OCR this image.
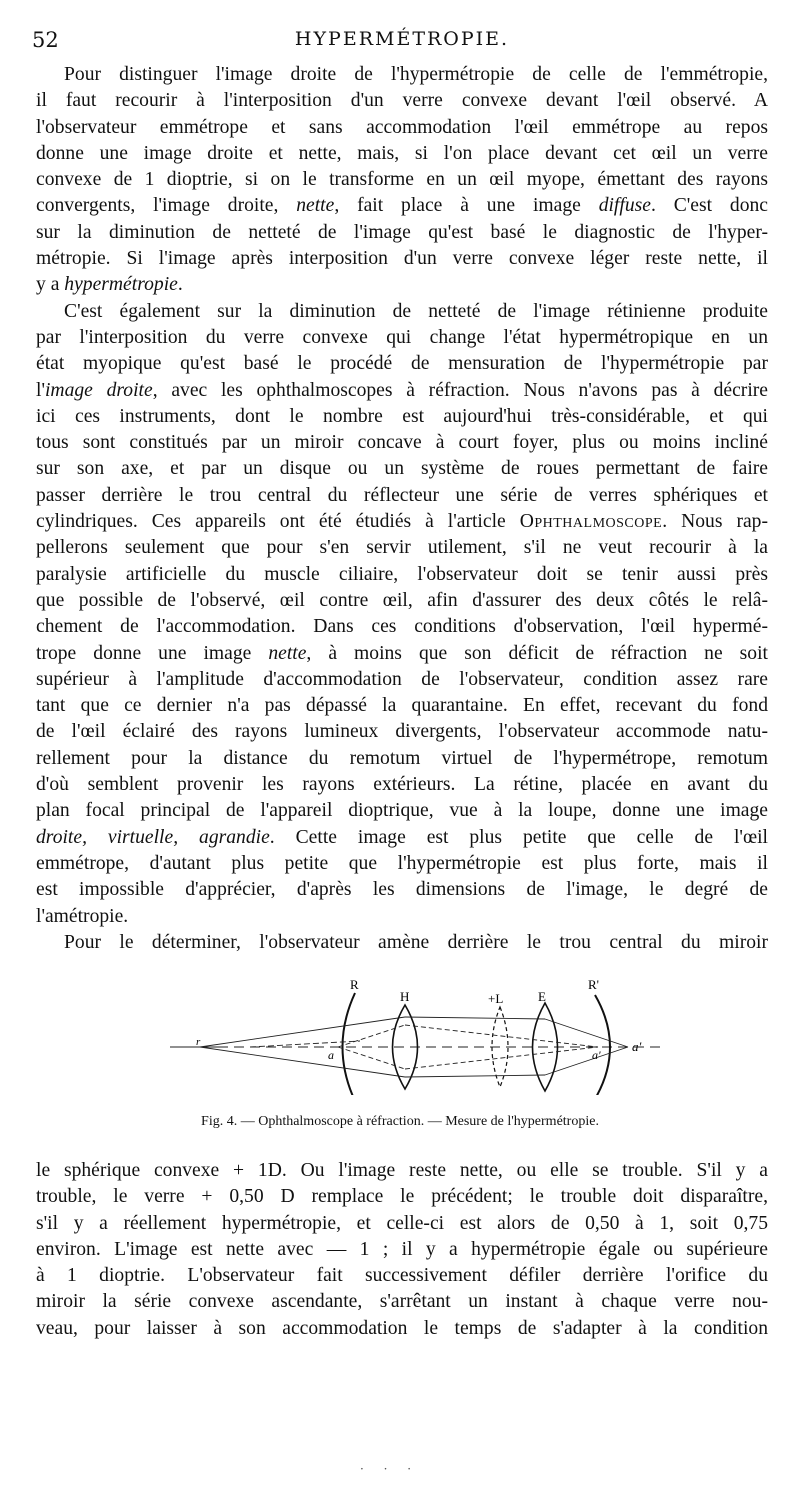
52	HYPERMÉTROPIE.
Pour distinguer l'image droite de l'hypermétropie de celle de l'emmétropie,
il faut recourir à l'interposition d'un verre convexe devant l'œil observé. A
l'observateur emmétrope et sans accommodation l'œil emmétrope au repos
donne une image droite et nette, mais, si l'on place devant cet œil un verre
convexe de 1 dioptrie, si on le transforme en un œil myope, émettant des rayons
convergents, l'image droite, nette, fait place à une image diffuse. C'est donc
sur la diminution de netteté de l'image qu'est basé le diagnostic de l'hyper-
métropie. Si l'image après interposition d'un verre convexe léger reste nette, il
y a hypermétropie.
C'est également sur la diminution de netteté de l'image rétinienne produite
par l'interposition du verre convexe qui change l'état hypermétropique en un
état myopique qu'est basé le procédé de mensuration de l'hypermétropie par
l'image droite, avec les ophthalmoscopes à réfraction. Nous n'avons pas à décrire
ici ces instruments, dont le nombre est aujourd'hui très-considérable, et qui
tous sont constitués par un miroir concave à court foyer, plus ou moins incliné
sur son axe, et par un disque ou un système de roues permettant de faire
passer derrière le trou central du réflecteur une série de verres sphériques et
cylindriques. Ces appareils ont été étudiés à l'article Ophthalmoscope. Nous rap-
pellerons seulement que pour s'en servir utilement, s'il ne veut recourir à la
paralysie artificielle du muscle ciliaire, l'observateur doit se tenir aussi près
que possible de l'observé, œil contre œil, afin d'assurer des deux côtés le relâ-
chement de l'accommodation. Dans ces conditions d'observation, l'œil hypermé-
trope donne une image nette, à moins que son déficit de réfraction ne soit
supérieur à l'amplitude d'accommodation de l'observateur, condition assez rare
tant que ce dernier n'a pas dépassé la quarantaine. En effet, recevant du fond
de l'œil éclairé des rayons lumineux divergents, l'observateur accommode natu-
rellement pour la distance du remotum virtuel de l'hypermétrope, remotum
d'où semblent provenir les rayons extérieurs. La rétine, placée en avant du
plan focal principal de l'appareil dioptrique, vue à la loupe, donne une image
droite, virtuelle, agrandie. Cette image est plus petite que celle de l'œil
emmétrope, d'autant plus petite que l'hypermétropie est plus forte, mais il
est impossible d'apprécier, d'après les dimensions de l'image, le degré de
l'amétropie.
Pour le déterminer, l'observateur amène derrière le trou central du miroir
R
H	+L	E
R'
r
a	a'
a'
Fig. 4. — Ophthalmoscope à réfraction. — Mesure de l'hypermétropie.
le sphérique convexe + 1D. Ou l'image reste nette, ou elle se trouble. S'il y a
trouble, le verre + 0,50 D remplace le précédent; le trouble doit disparaître,
s'il y a réellement hypermétropie, et celle-ci est alors de 0,50 à 1, soit 0,75
environ. L'image est nette avec — 1 ; il y a hypermétropie égale ou supérieure
à 1 dioptrie. L'observateur fait successivement défiler derrière l'orifice du
miroir la série convexe ascendante, s'arrêtant un instant à chaque verre nou-
veau, pour laisser à son accommodation le temps de s'adapter à la condition
· · ·
